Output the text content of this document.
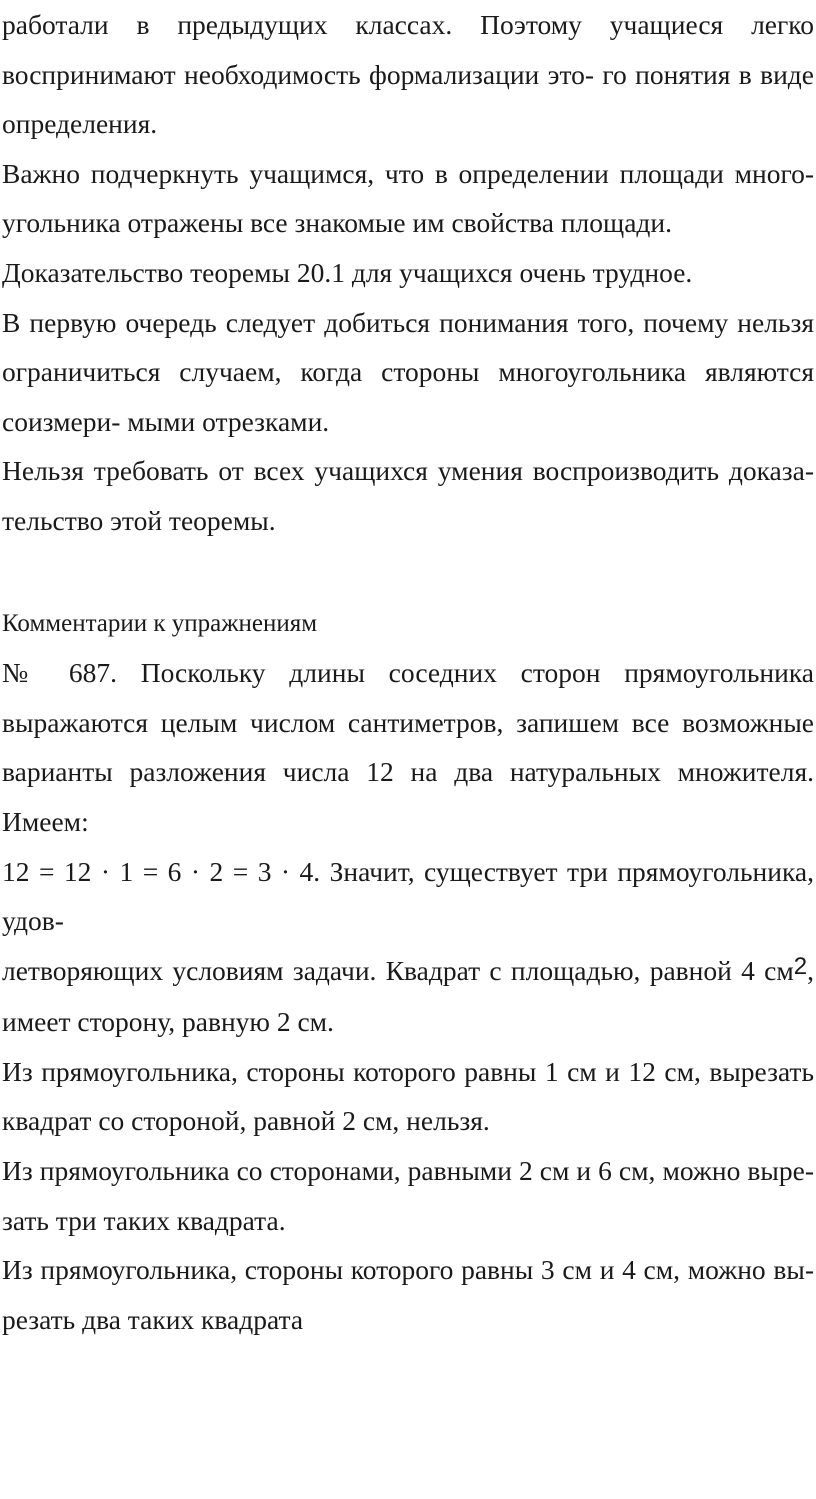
работали в предыдущих классах. Поэтому учащиеся легко воспринимают необходимость формализации это- го понятия в виде определения.

Важно подчеркнуть учащимся, что в определении площади много- угольника отражены все знакомые им свойства площади.

Доказательство теоремы 20.1 для учащихся очень трудное.

В первую очередь следует добиться понимания того, почему нельзя ограничиться случаем, когда стороны многоугольника являются соизмери- мыми отрезками.

Нельзя требовать от всех учащихся умения воспроизводить доказа- тельство этой теоремы.

Комментарии к упражнениям

№ 687. Поскольку длины соседних сторон прямоугольника выражаются целым числом сантиметров, запишем все возможные варианты разложения числа 12 на два натуральных множителя. Имеем:

12 = 12 · 1 = 6 · 2 = 3 · 4. Значит, существует три прямоугольника, удов-

летворяющих условиям задачи. Квадрат с площадью, равной 4 см2,

имеет сторону, равную 2 см.

Из прямоугольника, стороны которого равны 1 см и 12 см, вырезать квадрат со стороной, равной 2 см, нельзя.

Из прямоугольника со сторонами, равными 2 см и 6 см, можно выре- зать три таких квадрата.

Из прямоугольника, стороны которого равны 3 см и 4 см, можно вы- резать два таких квадрата
